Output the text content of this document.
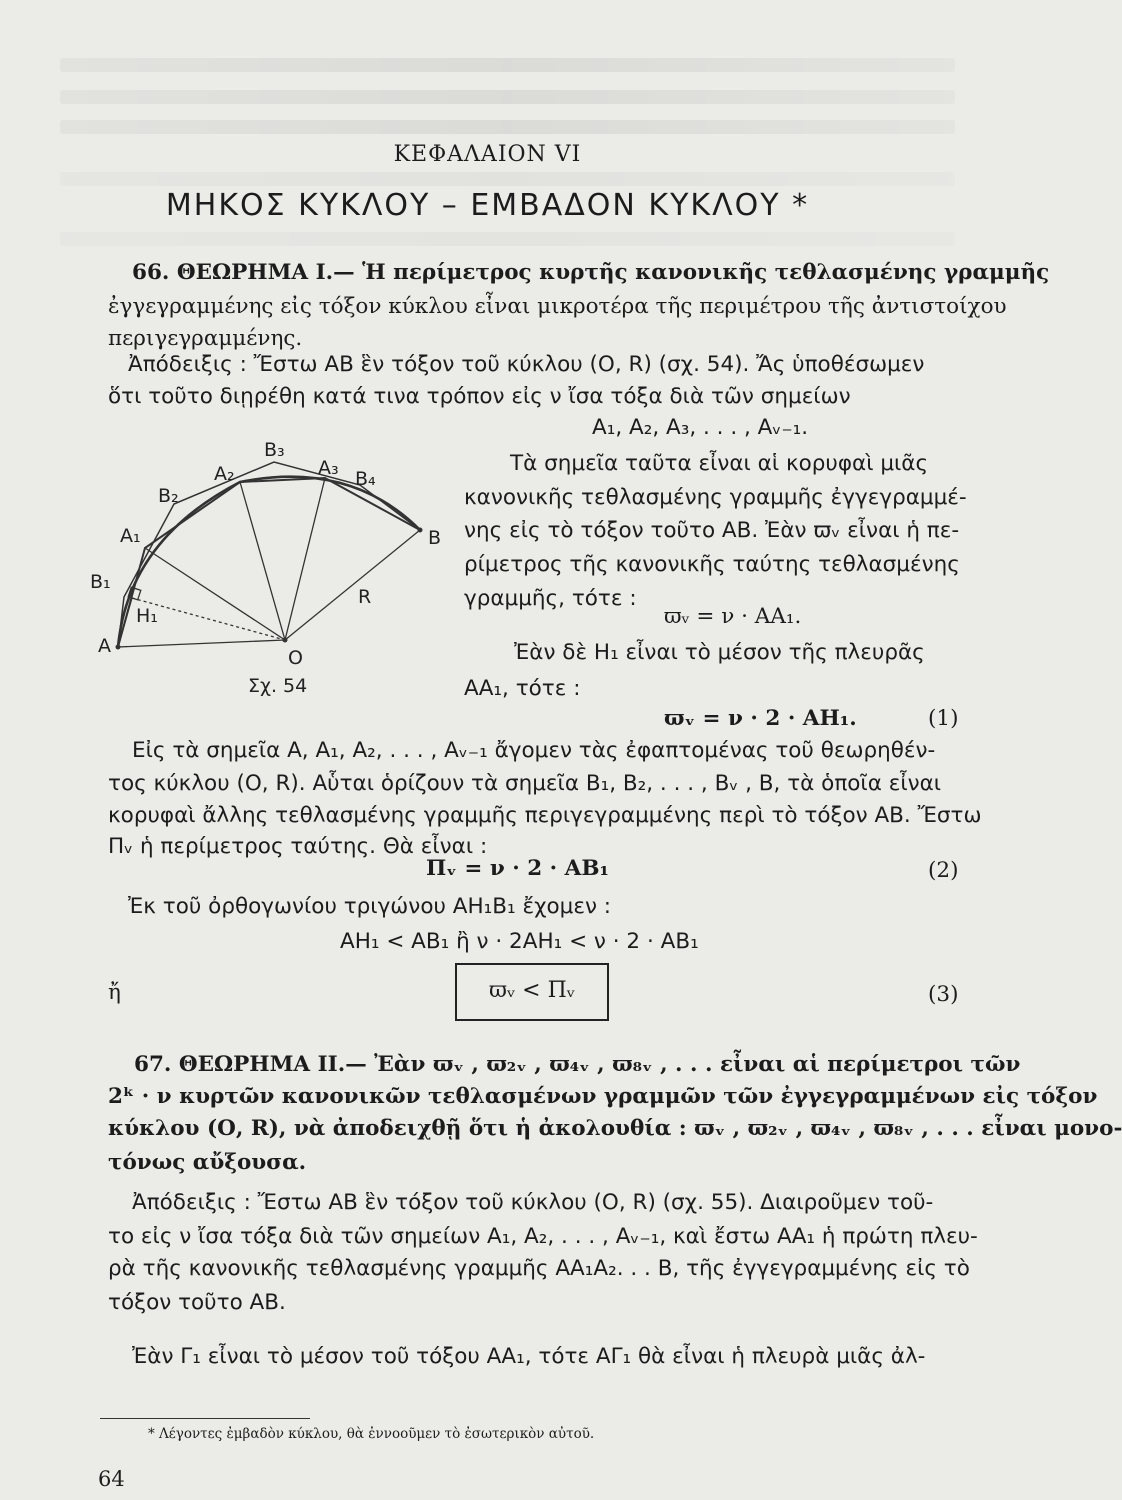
ΚΕΦΑΛΑΙΟΝ VI
ΜΗΚΟΣ ΚΥΚΛΟΥ – ΕΜΒΑΔΟΝ ΚΥΚΛΟΥ *
66. ΘΕΩΡΗΜΑ Ι.— Ἡ περίμετρος κυρτῆς κανονικῆς τεθλασμένης γραμμῆς
ἐγγεγραμμένης εἰς τόξον κύκλου εἶναι μικροτέρα τῆς περιμέτρου τῆς ἀντιστοίχου
περιγεγραμμένης.
Ἀπόδειξις : Ἔστω ΑΒ ἓν τόξον τοῦ κύκλου (Ο, R) (σχ. 54). Ἄς ὑποθέσωμεν
ὅτι τοῦτο διῃρέθη κατά τινα τρόπον εἰς ν ἴσα τόξα διὰ τῶν σημείων
Α₁, Α₂, Α₃, . . . , Αᵥ₋₁.
Τὰ σημεῖα ταῦτα εἶναι αἱ κορυφαὶ μιᾶς
κανονικῆς τεθλασμένης γραμμῆς ἐγγεγραμμέ-
νης εἰς τὸ τόξον τοῦτο ΑΒ. Ἐὰν ϖᵥ εἶναι ἡ πε-
ρίμετρος τῆς κανονικῆς ταύτης τεθλασμένης
γραμμῆς, τότε :
ϖᵥ = ν · ΑΑ₁.
Ἐὰν δὲ Η₁ εἶναι τὸ μέσον τῆς πλευρᾶς
ΑΑ₁, τότε :
ϖᵥ = ν · 2 · ΑΗ₁.	(1)
Εἰς τὰ σημεῖα Α, Α₁, Α₂, . . . , Αᵥ₋₁ ἄγομεν τὰς ἐφαπτομένας τοῦ θεωρηθέν-
τος κύκλου (Ο, R). Αὗται ὁρίζουν τὰ σημεῖα Β₁, Β₂, . . . , Βᵥ , Β, τὰ ὁποῖα εἶναι
κορυφαὶ ἄλλης τεθλασμένης γραμμῆς περιγεγραμμένης περὶ τὸ τόξον ΑΒ. Ἔστω
Πᵥ ἡ περίμετρος ταύτης. Θὰ εἶναι :
Πᵥ = ν · 2 · ΑΒ₁	(2)
Ἐκ τοῦ ὀρθογωνίου τριγώνου ΑΗ₁Β₁ ἔχομεν :
ΑΗ₁ < ΑΒ₁ ἢ ν · 2ΑΗ₁ < ν · 2 · ΑΒ₁
ἤ	ϖᵥ < Πᵥ	(3)
A
B₁
A₁
B₂
A₂
B₃
A₃ B₄
B
H₁
R
O
Σχ. 54
67. ΘΕΩΡΗΜΑ ΙΙ.— Ἐὰν ϖᵥ , ϖ₂ᵥ , ϖ₄ᵥ , ϖ₈ᵥ , . . . εἶναι αἱ περίμετροι τῶν
2ᵏ · ν κυρτῶν κανονικῶν τεθλασμένων γραμμῶν τῶν ἐγγεγραμμένων εἰς τόξον
κύκλου (Ο, R), νὰ ἀποδειχθῇ ὅτι ἡ ἀκολουθία : ϖᵥ , ϖ₂ᵥ , ϖ₄ᵥ , ϖ₈ᵥ , . . . εἶναι μονο-
τόνως αὔξουσα.
Ἀπόδειξις : Ἔστω ΑΒ ἓν τόξον τοῦ κύκλου (Ο, R) (σχ. 55). Διαιροῦμεν τοῦ-
το εἰς ν ἴσα τόξα διὰ τῶν σημείων Α₁, Α₂, . . . , Αᵥ₋₁, καὶ ἔστω ΑΑ₁ ἡ πρώτη πλευ-
ρὰ τῆς κανονικῆς τεθλασμένης γραμμῆς ΑΑ₁Α₂. . . Β, τῆς ἐγγεγραμμένης εἰς τὸ
τόξον τοῦτο ΑΒ.
Ἐὰν Γ₁ εἶναι τὸ μέσον τοῦ τόξου ΑΑ₁, τότε ΑΓ₁ θὰ εἶναι ἡ πλευρὰ μιᾶς ἀλ-
* Λέγοντες ἐμβαδὸν κύκλου, θὰ ἐννοοῦμεν τὸ ἐσωτερικὸν αὐτοῦ.
64
